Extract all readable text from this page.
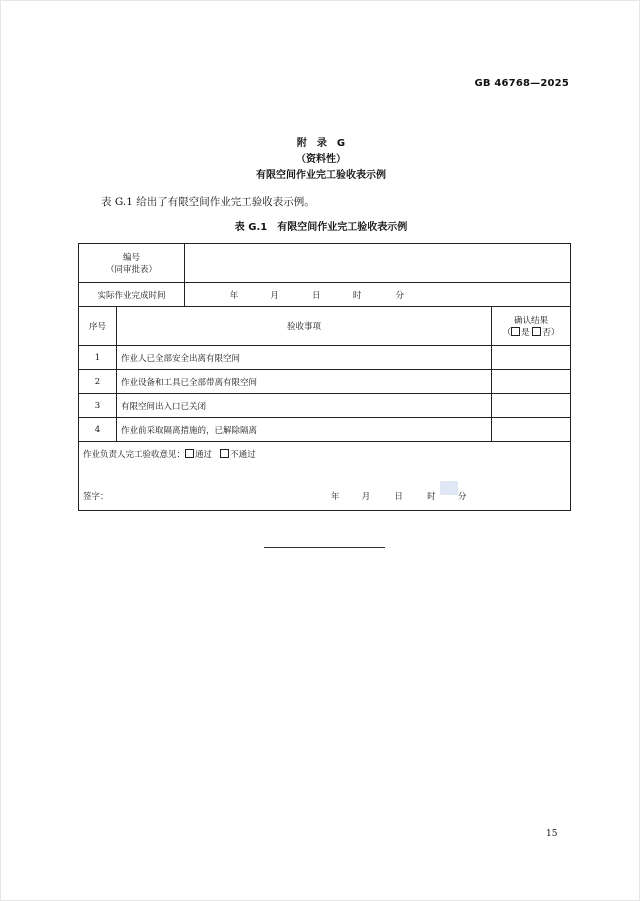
GB 46768—2025
附　录　G
（资料性）
有限空间作业完工验收表示例
表 G.1 给出了有限空间作业完工验收表示例。
表 G.1　有限空间作业完工验收表示例
编号
（同审批表）			

实际作业完成时间		年 月 日 时 分	
序号	验收事项		确认结果
（ 是 否）

1	作业人已全部安全出离有限空间		
2	作业设备和工具已全部带离有限空间		
3	有限空间出入口已关闭		
4	作业前采取隔离措施的，已解除隔离		

作业负责人完工验收意见： 通过 不通过
签字： 年 月 日 时 分			
15
